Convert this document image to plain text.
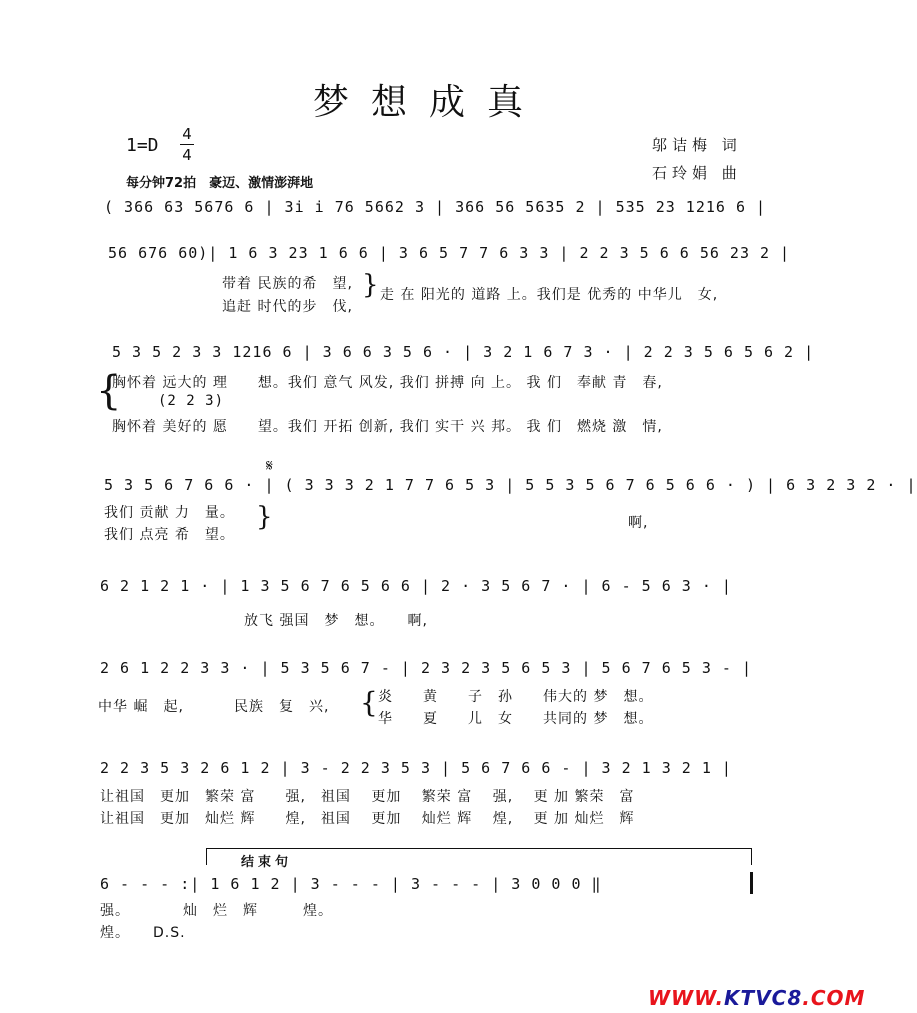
梦想成真
1=D
4
4
每分钟72拍　豪迈、激情澎湃地
邬诘梅 词
石玲娟 曲
( 366 63 5676 6 | 3i i 76 5662 3 | 366 56 5635 2 | 535 23 1216 6 |
56 676 60)| 1 6 3 23 1 6 6 | 3 6 5 7 7 6 3 3 | 2 2 3 5 6 6 56 23 2 |
带着 民族的希　望,
追赶 时代的步　伐,
} 走 在 阳光的 道路 上。我们是 优秀的 中华儿　女,
5 3 5 2 3 3 1216 6 | 3 6 6 3 5 6 · | 3 2 1 6 7 3 · | 2 2 3 5 6 5 6 2 |
{
胸怀着 远大的 理　　想。我们 意气 风发, 我们 拼搏 向 上。 我 们　奉献 青　春,
(2 2 3)
胸怀着 美好的 愿　　望。我们 开拓 创新, 我们 实干 兴 邦。 我 们　燃烧 激　情,
𝄋
5 3 5 6 7 6 6 · | ( 3 3 3 2 1 7 7 6 5 3 | 5 5 3 5 6 7 6 5 6 6 · ) | 6 3 2 3 2 · |
我们 贡献 力　量。
我们 点亮 希　望。
}	啊,
6 2 1 2 1 · | 1 3 5 6 7 6 5 6 6 | 2 · 3 5 6 7 · | 6 - 5 6 3 · |
放飞 强国　梦　想。　　啊,
2 6 1 2 2 3 3 · | 5 3 5 6 7 - | 2 3 2 3 5 6 5 3 | 5 6 7 6 5 3 - |
中华 崛　起,	民族　复　兴, { 炎　　黄　　子　孙　　伟大的 梦　想。
华　　夏　　儿　女　　共同的 梦　想。
2 2 3 5 3 2 6 1 2 | 3 - 2 2 3 5 3 | 5 6 7 6 6 - | 3 2 1 3 2 1 |
让祖国　更加　繁荣 富　　强,　祖国　 更加　 繁荣 富　 强,　 更 加 繁荣　富
让祖国　更加　灿烂 辉　　煌,　祖国　 更加　 灿烂 辉　 煌,　 更 加 灿烂　辉
结束句
6 - - - :| 1 6 1 2 | 3 - - - | 3 - - - | 3 0 0 0 ‖
强。　　　　灿　烂　辉　　　煌。
煌。　　D.S.
WWW.KTVC8.COM
